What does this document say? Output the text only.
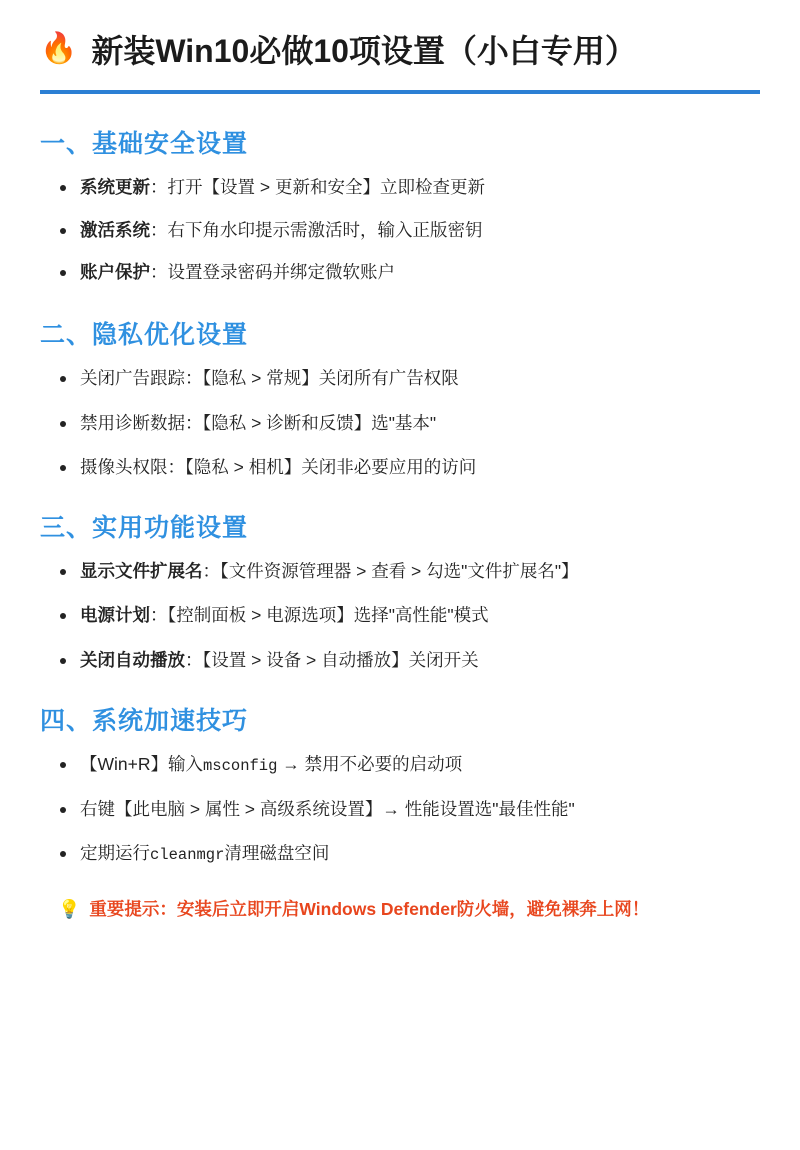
🔥 新装Win10必做10项设置（小白专用）
一、基础安全设置
系统更新：打开【设置 > 更新和安全】立即检查更新
激活系统：右下角水印提示需激活时，输入正版密钥
账户保护：设置登录密码并绑定微软账户
二、隐私优化设置
关闭广告跟踪：【隐私 > 常规】关闭所有广告权限
禁用诊断数据：【隐私 > 诊断和反馈】选"基本"
摄像头权限：【隐私 > 相机】关闭非必要应用的访问
三、实用功能设置
显示文件扩展名：【文件资源管理器 > 查看 > 勾选"文件扩展名"】
电源计划：【控制面板 > 电源选项】选择"高性能"模式
关闭自动播放：【设置 > 设备 > 自动播放】关闭开关
四、系统加速技巧
【Win+R】输入msconfig → 禁用不必要的启动项
右键【此电脑 > 属性 > 高级系统设置】→ 性能设置选"最佳性能"
定期运行cleanmgr清理磁盘空间
💡 重要提示：安装后立即开启Windows Defender防火墙，避免裸奔上网！
